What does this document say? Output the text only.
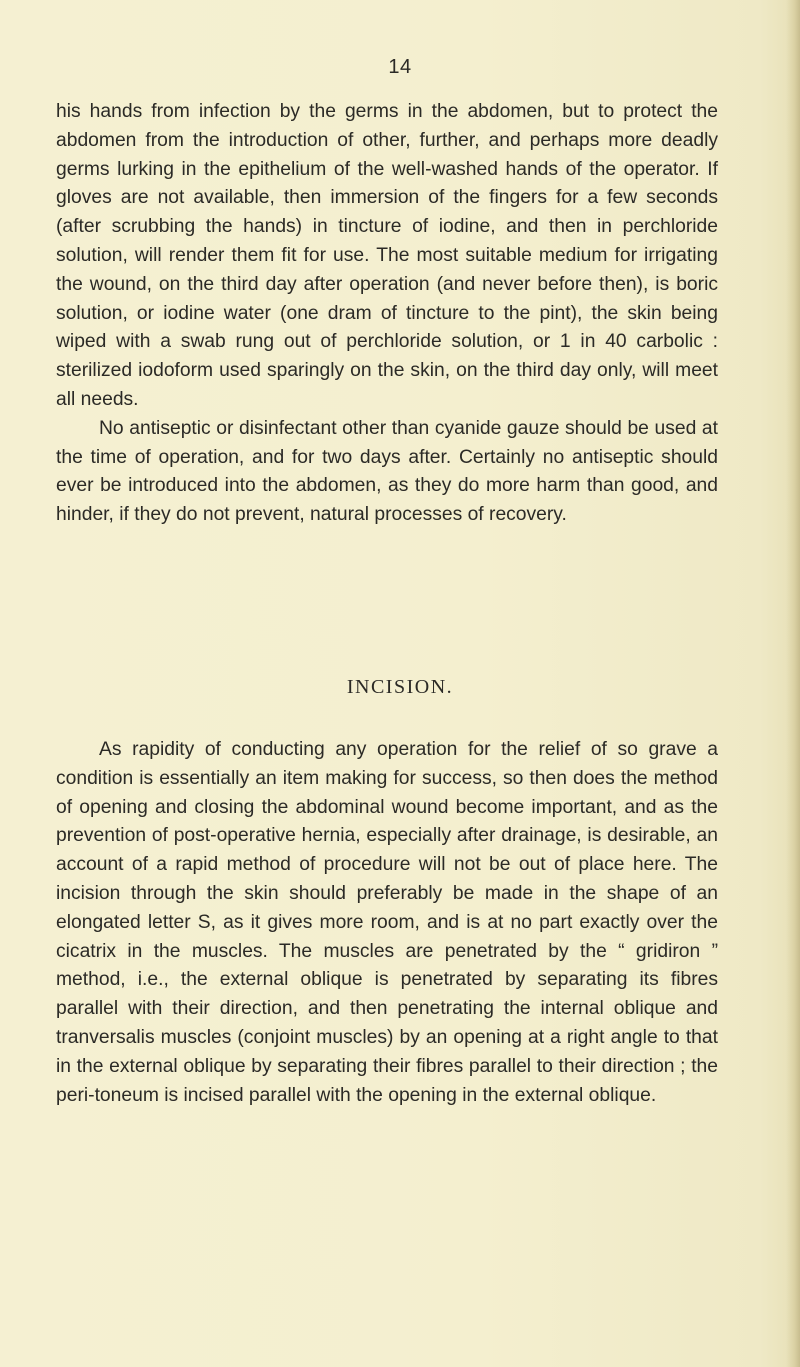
14

his hands from infection by the germs in the abdomen, but to protect the abdomen from the introduction of other, further, and perhaps more deadly germs lurking in the epithelium of the well-washed hands of the operator. If gloves are not available, then immersion of the fingers for a few seconds (after scrubbing the hands) in tincture of iodine, and then in perchloride solution, will render them fit for use. The most suitable medium for irrigating the wound, on the third day after operation (and never before then), is boric solution, or iodine water (one dram of tincture to the pint), the skin being wiped with a swab rung out of perchloride solution, or 1 in 40 carbolic : sterilized iodoform used sparingly on the skin, on the third day only, will meet all needs.

No antiseptic or disinfectant other than cyanide gauze should be used at the time of operation, and for two days after. Certainly no antiseptic should ever be introduced into the abdomen, as they do more harm than good, and hinder, if they do not prevent, natural processes of recovery.

INCISION.

As rapidity of conducting any operation for the relief of so grave a condition is essentially an item making for success, so then does the method of opening and closing the abdominal wound become important, and as the prevention of post-operative hernia, especially after drainage, is desirable, an account of a rapid method of procedure will not be out of place here. The incision through the skin should preferably be made in the shape of an elongated letter S, as it gives more room, and is at no part exactly over the cicatrix in the muscles. The muscles are penetrated by the “ gridiron ” method, i.e., the external oblique is penetrated by separating its fibres parallel with their direction, and then penetrating the internal oblique and tranversalis muscles (conjoint muscles) by an opening at a right angle to that in the external oblique by separating their fibres parallel to their direction ; the peri-toneum is incised parallel with the opening in the external oblique.
